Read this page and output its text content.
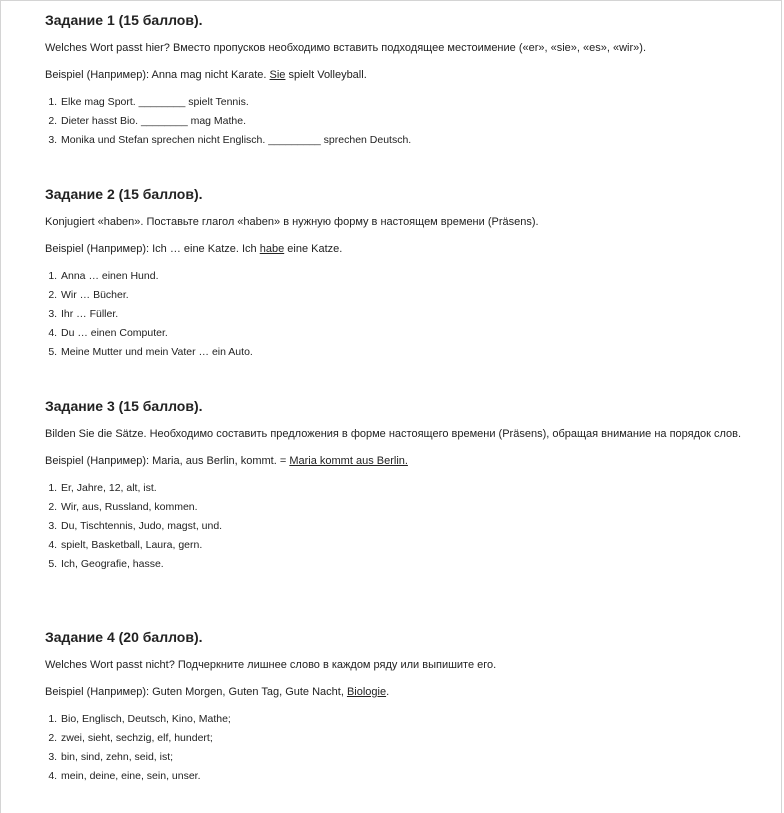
Задание 1 (15 баллов).

Welches Wort passt hier? Вместо пропусков необходимо вставить подходящее местоимение («er», «sie», «es», «wir»).

Beispiel (Например): Anna mag nicht Karate. Sie spielt Volleyball.

1. Elke mag Sport. ________ spielt Tennis.
2. Dieter hasst Bio. ________ mag Mathe.
3. Monika und Stefan sprechen nicht Englisch. _________ sprechen Deutsch.
Задание 2 (15 баллов).

Konjugiert «haben». Поставьте глагол «haben» в нужную форму в настоящем времени (Präsens).

Beispiel (Например): Ich … eine Katze. Ich habe eine Katze.

1. Anna … einen Hund.
2. Wir … Bücher.
3. Ihr … Füller.
4. Du … einen Computer.
5. Meine Mutter und mein Vater … ein Auto.
Задание 3 (15 баллов).

Bilden Sie die Sätze. Необходимо составить предложения в форме настоящего времени (Präsens), обращая внимание на порядок слов.

Beispiel (Например): Maria, aus Berlin, kommt. = Maria kommt aus Berlin.

1. Er, Jahre, 12, alt, ist.
2. Wir, aus, Russland, kommen.
3. Du, Tischtennis, Judo, magst, und.
4. spielt, Basketball, Laura, gern.
5. Ich, Geografie, hasse.
Задание 4 (20 баллов).

Welches Wort passt nicht? Подчеркните лишнее слово в каждом ряду или выпишите его.

Beispiel (Например): Guten Morgen, Guten Tag, Gute Nacht, Biologie.

1. Bio, Englisch, Deutsch, Kino, Mathe;
2. zwei, sieht, sechzig, elf, hundert;
3. bin, sind, zehn, seid, ist;
4. mein, deine, eine, sein, unser.
